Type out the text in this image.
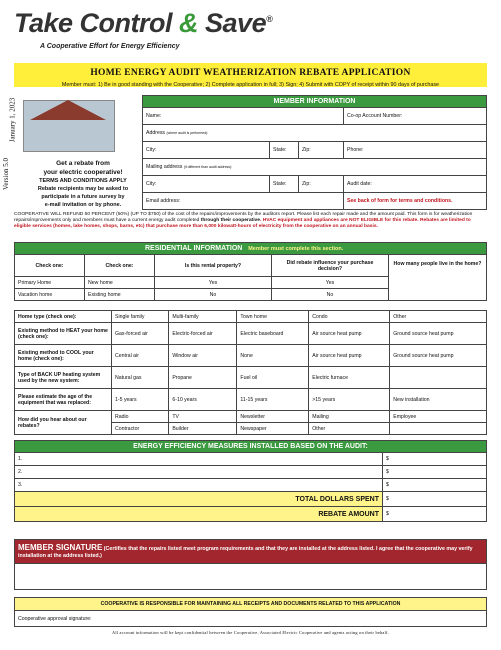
Take Control & Save®
A Cooperative Effort for Energy Efficiency
HOME ENERGY AUDIT WEATHERIZATION REBATE APPLICATION
Member must: 1) Be in good standing with the Cooperative; 2) Complete application in full; 3) Sign; 4) Submit with COPY of receipt within 90 days of purchase
January 1, 2023
Version 5.0	Get a rebate from
your electric cooperative!
TERMS AND CONDITIONS APPLY
Rebate recipients may be asked to
participate in a future survey by
e-mail invitation or by phone.
MEMBER INFORMATION			
Name:			Co-op Account Number:
Address (where audit is performed):			
City:	State:	Zip:	Phone:
Mailing address (if different than audit address):			
City:	State:	Zip:	Audit date:
Email address:			See back of form for terms and conditions.
COOPERATIVE WILL REFUND 50 PERCENT (50%) (UP TO $750) of the cost of the repairs/improvements by the auditors report. Please list each repair made and the amount paid. This form is for weatherization repairs/improvements only and members must have a current energy audit completed through their cooperative. HVAC equipment and appliances are NOT ELIGIBLE for this rebate. Rebates are limited to eligible services (homes, lake homes, shops, barns, etc) that purchase more than 6,000 kilowatt-hours of electricity from the cooperative on an annual basis.
RESIDENTIAL INFORMATION Member must complete this section.				
Check one:	Check one:	Is this rental property?	Did rebate influence your purchase decision?	How many people live in the home?
Primary Home	New home	Yes	Yes	
Vacation home	Existing home	No	No	
Home type (check one):	Single family	Multi-family	Town home	Condo	Other
Existing method to HEAT your home (check one):	Gas-forced air	Electric-forced air	Electric baseboard	Air source heat pump	Ground source heat pump
Existing method to COOL your home (check one):	Central air	Window air	None	Air source heat pump	Ground source heat pump
Type of BACK UP heating system used by the new system:	Natural gas	Propane	Fuel oil	Electric furnace	
Please estimate the age of the equipment that was replaced:	1-5 years	6-10 years	11-15 years	>15 years	New installation
How did you hear about our rebates?	Radio	TV	Newsletter	Mailing	Employee
	Contractor	Builder	Newspaper	Other	
ENERGY EFFICIENCY MEASURES INSTALLED BASED ON THE AUDIT:	
1.	$
2.	$
3.	$
TOTAL DOLLARS SPENT	$
REBATE AMOUNT	$
MEMBER SIGNATURE (Certifies that the repairs listed meet program requirements and that they are installed at the address listed. I agree that the cooperative may verify installation at the address listed.)

COOPERATIVE IS RESPONSIBLE FOR MAINTAINING ALL RECEIPTS AND DOCUMENTS RELATED TO THIS APPLICATION
Cooperative approval signature:
All account information will be kept confidential between the Cooperative, Associated Electric Cooperative and agents acting on their behalf.
